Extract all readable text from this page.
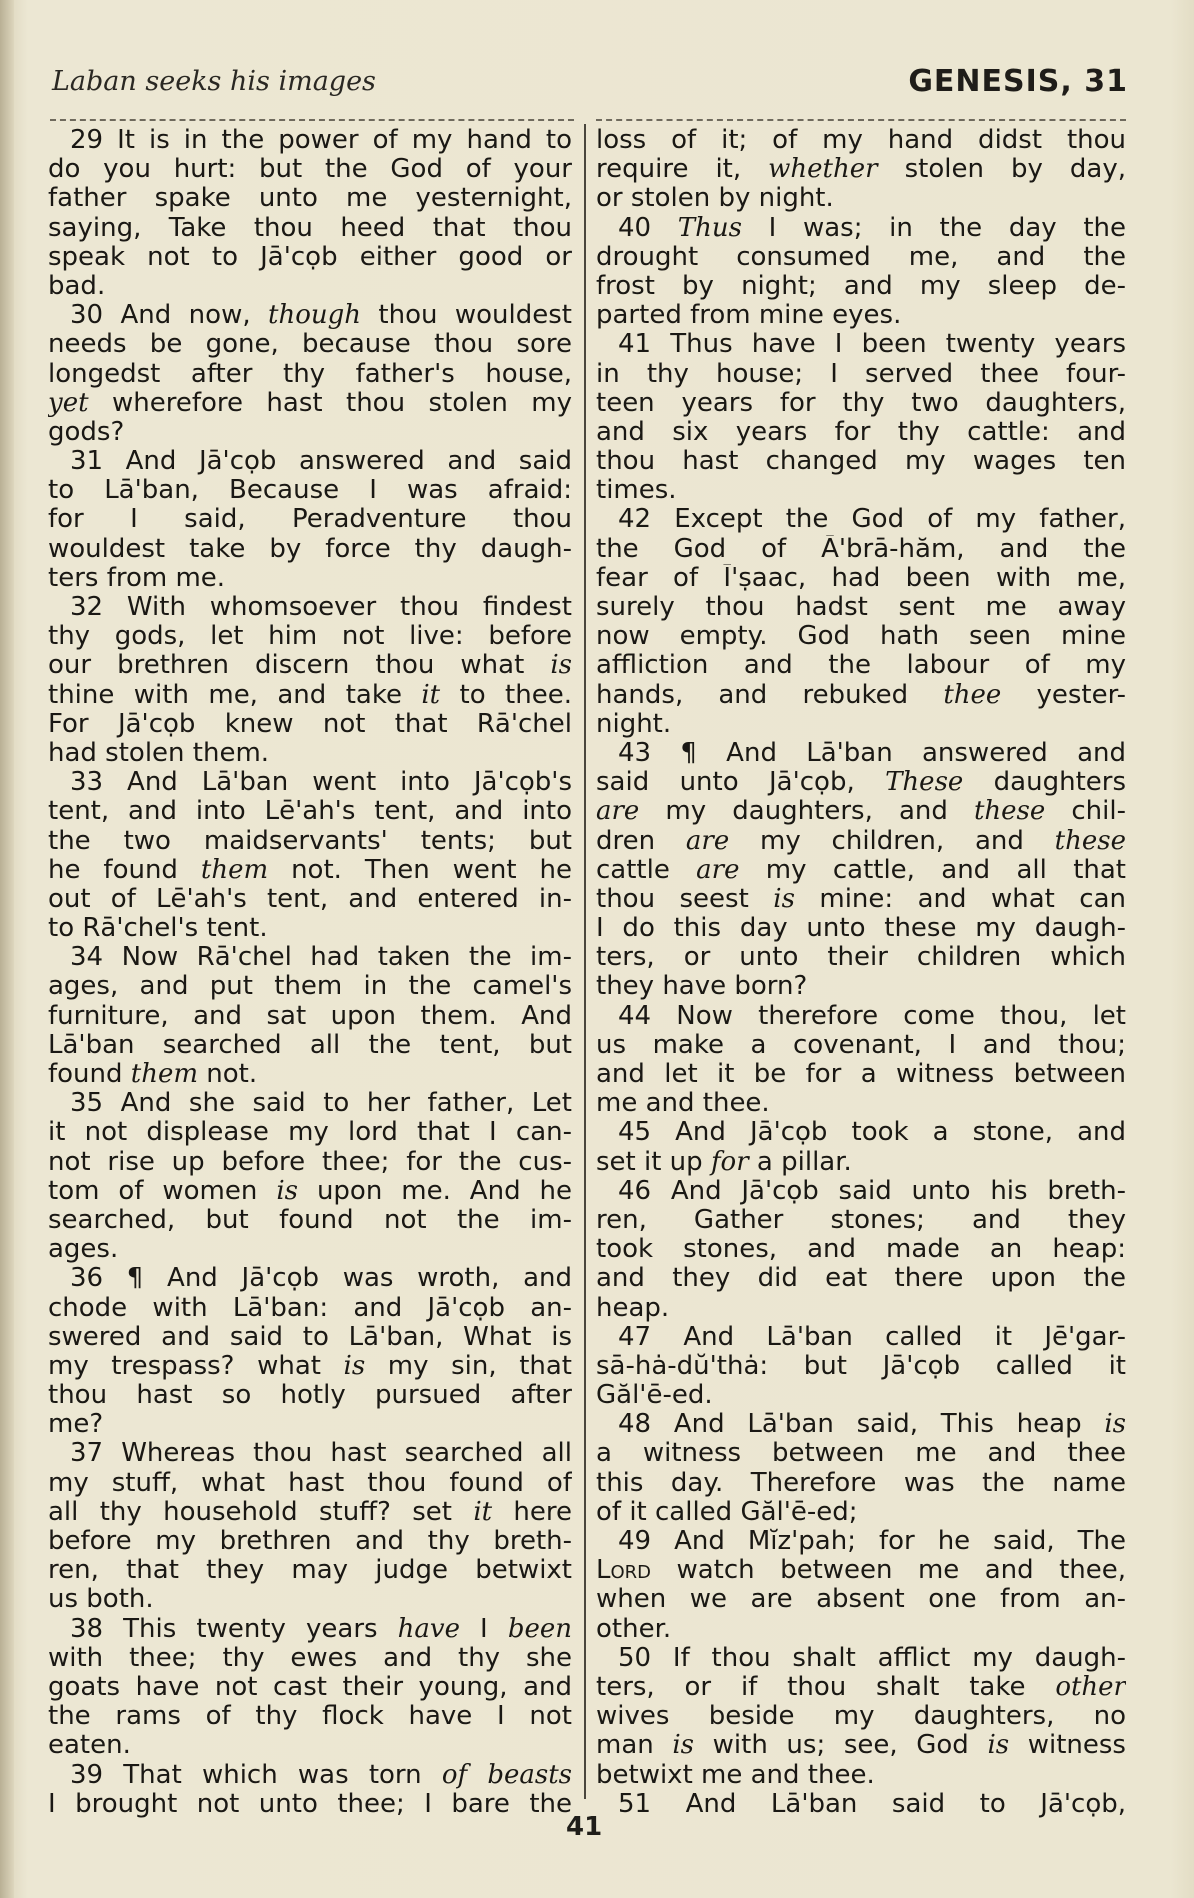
Laban seeks his images	GENESIS, 31
29 It is in the power of my hand to
do you hurt: but the God of your
father spake unto me yesternight,
saying, Take thou heed that thou
speak not to Jā'cọb either good or
bad.
30 And now, though thou wouldest
needs be gone, because thou sore
longedst after thy father's house,
yet wherefore hast thou stolen my
gods?
31 And Jā'cọb answered and said
to Lā'ban, Because I was afraid:
for I said, Peradventure thou
wouldest take by force thy daugh-
ters from me.
32 With whomsoever thou findest
thy gods, let him not live: before
our brethren discern thou what is
thine with me, and take it to thee.
For Jā'cọb knew not that Rā'chel
had stolen them.
33 And Lā'ban went into Jā'cọb's
tent, and into Lē'ah's tent, and into
the two maidservants' tents; but
he found them not. Then went he
out of Lē'ah's tent, and entered in-
to Rā'chel's tent.
34 Now Rā'chel had taken the im-
ages, and put them in the camel's
furniture, and sat upon them. And
Lā'ban searched all the tent, but
found them not.
35 And she said to her father, Let
it not displease my lord that I can-
not rise up before thee; for the cus-
tom of women is upon me. And he
searched, but found not the im-
ages.
36 ¶ And Jā'cọb was wroth, and
chode with Lā'ban: and Jā'cọb an-
swered and said to Lā'ban, What is
my trespass? what is my sin, that
thou hast so hotly pursued after
me?
37 Whereas thou hast searched all
my stuff, what hast thou found of
all thy household stuff? set it here
before my brethren and thy breth-
ren, that they may judge betwixt
us both.
38 This twenty years have I been
with thee; thy ewes and thy she
goats have not cast their young, and
the rams of thy flock have I not
eaten.
39 That which was torn of beasts
I brought not unto thee; I bare the
loss of it; of my hand didst thou
require it, whether stolen by day,
or stolen by night.
40 Thus I was; in the day the
drought consumed me, and the
frost by night; and my sleep de-
parted from mine eyes.
41 Thus have I been twenty years
in thy house; I served thee four-
teen years for thy two daughters,
and six years for thy cattle: and
thou hast changed my wages ten
times.
42 Except the God of my father,
the God of Ā'brā-hăm, and the
fear of Ī'ṣaac, had been with me,
surely thou hadst sent me away
now empty. God hath seen mine
affliction and the labour of my
hands, and rebuked thee yester-
night.
43 ¶ And Lā'ban answered and
said unto Jā'cọb, These daughters
are my daughters, and these chil-
dren are my children, and these
cattle are my cattle, and all that
thou seest is mine: and what can
I do this day unto these my daugh-
ters, or unto their children which
they have born?
44 Now therefore come thou, let
us make a covenant, I and thou;
and let it be for a witness between
me and thee.
45 And Jā'cọb took a stone, and
set it up for a pillar.
46 And Jā'cọb said unto his breth-
ren, Gather stones; and they
took stones, and made an heap:
and they did eat there upon the
heap.
47 And Lā'ban called it Jē'gar-
sā-hȧ-dŭ'thȧ: but Jā'cọb called it
Găl'ē-ed.
48 And Lā'ban said, This heap is
a witness between me and thee
this day. Therefore was the name
of it called Găl'ē-ed;
49 And Mĭz'pah; for he said, The
Lord watch between me and thee,
when we are absent one from an-
other.
50 If thou shalt afflict my daugh-
ters, or if thou shalt take other
wives beside my daughters, no
man is with us; see, God is witness
betwixt me and thee.
51 And Lā'ban said to Jā'cọb,
41
